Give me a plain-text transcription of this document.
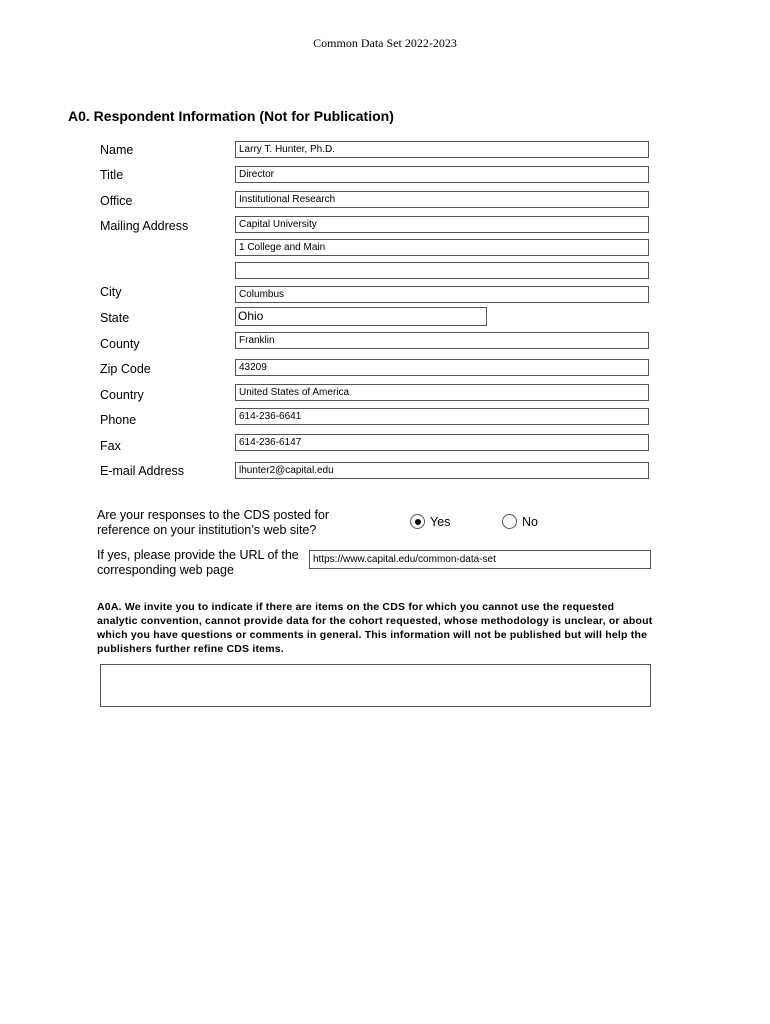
Common Data Set 2022-2023
A0. Respondent Information (Not for Publication)
Name	Larry T. Hunter, Ph.D.
Title	Director
Office	Institutional Research
Mailing Address	Capital University
1 College and Main
City	Columbus
State	Ohio
County	Franklin
Zip Code	43209
Country	United States of America
Phone	614-236-6641
Fax	614-236-6147
E-mail Address	lhunter2@capital.edu
Are your responses to the CDS posted for
reference on your institution’s web site?
Yes	No
If yes, please provide the URL of the
corresponding web page
https://www.capital.edu/common-data-set
A0A. We invite you to indicate if there are items on the CDS for which you cannot use the requested analytic convention, cannot provide data for the cohort requested, whose methodology is unclear, or about which you have questions or comments in general. This information will not be published but will help the publishers further refine CDS items.
